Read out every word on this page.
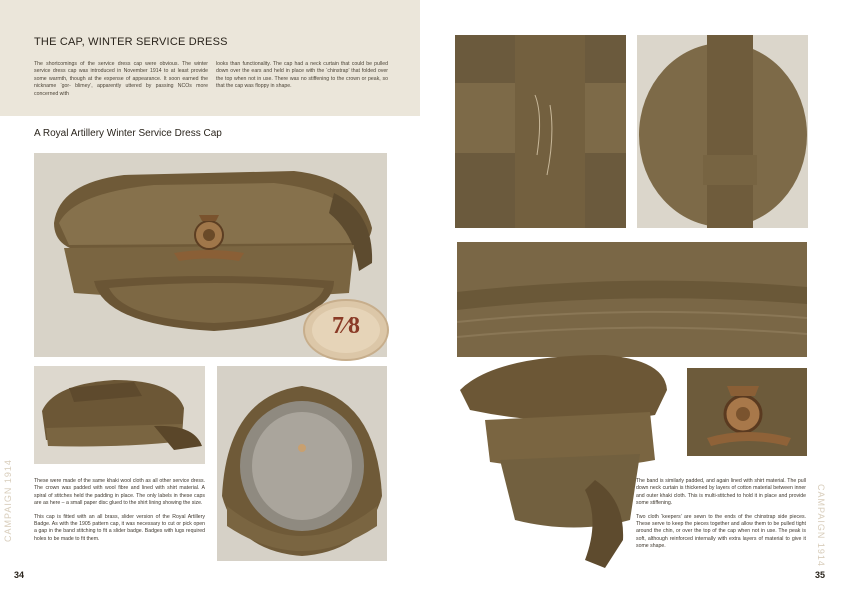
THE CAP, WINTER SERVICE DRESS
The shortcomings of the service dress cap were obvious. The winter service dress cap was introduced in November 1914 to at least provide some warmth, though at the expense of appearance. It soon earned the nickname ‘gor- blimey’, apparently uttered by passing NCOs more concerned with
looks than functionality. The cap had a neck curtain that could be pulled down over the ears and held in place with the ‘chinstrap’ that folded over the top when not in use. There was no stiffening to the crown or peak, so that the cap was floppy in shape.
A Royal Artillery Winter Service Dress Cap
7⁄8

These were made of the same khaki wool cloth as all other service dress. The crown was padded with wool fibre and lined with shirt material. A spiral of stitches held the padding in place. The only labels in these caps are as here – a small paper disc glued to the shirt lining showing the size.

This cap is fitted with an all brass, slider version of the Royal Artillery Badge. As with the 1905 pattern cap, it was necessary to cut or pick open a gap in the band stitching to fit a slider badge. Badges with lugs required holes to be made to fit them.

CAMPAIGN 1914
34

The band is similarly padded, and again lined with shirt material. The pull down neck curtain is thickened by layers of cotton material between inner and outer khaki cloth. This is multi-stitched to hold it in place and provide some stiffening.

Two cloth ‘keepers’ are sewn to the ends of the chinstrap side pieces. These serve to keep the pieces together and allow them to be pulled tight around the chin, or over the top of the cap when not in use. The peak is soft, although reinforced internally with extra layers of material to give it some shape.	CAMPAIGN 1914
35
